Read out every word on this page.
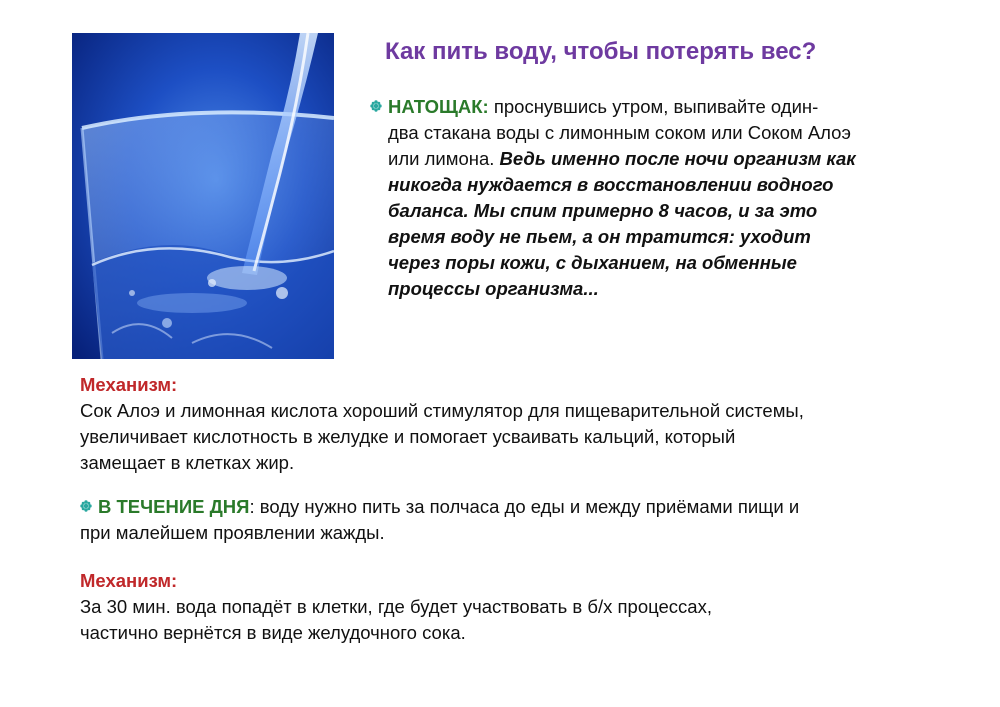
Как пить воду, чтобы потерять вес?
НАТОЩАК: проснувшись утром, выпивайте один-
два стакана воды с лимонным соком или Соком Алоэ
или лимона. Ведь именно после ночи организм как
никогда нуждается в восстановлении водного
баланса. Мы спим примерно 8 часов, и за это
время воду не пьем, а он тратится: уходит
через поры кожи, с дыханием, на обменные
процессы организма...
Механизм:
Сок Алоэ и лимонная кислота хороший стимулятор для пищеварительной системы,
увеличивает кислотность в желудке и помогает усваивать кальций, который
замещает в клетках жир.
В ТЕЧЕНИЕ ДНЯ: воду нужно пить за полчаса до еды и между приёмами пищи и
при малейшем проявлении жажды.
Механизм:
За 30 мин. вода попадёт в клетки, где будет участвовать в б/х процессах,
частично вернётся в виде желудочного сока.
